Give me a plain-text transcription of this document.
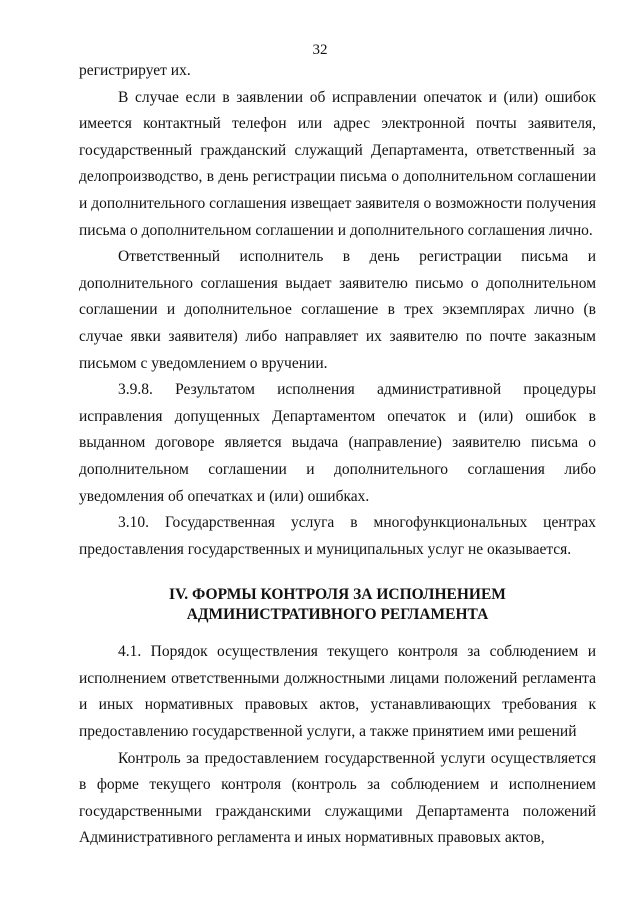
32

регистрирует их.

В случае если в заявлении об исправлении опечаток и (или) ошибок имеется контактный телефон или адрес электронной почты заявителя, государственный гражданский служащий Департамента, ответственный за делопроизводство, в день регистрации письма о дополнительном соглашении и дополнительного соглашения извещает заявителя о возможности получения письма о дополнительном соглашении и дополнительного соглашения лично.

Ответственный исполнитель в день регистрации письма и дополнительного соглашения выдает заявителю письмо о дополнительном соглашении и дополнительное соглашение в трех экземплярах лично (в случае явки заявителя) либо направляет их заявителю по почте заказным письмом с уведомлением о вручении.

3.9.8. Результатом исполнения административной процедуры исправления допущенных Департаментом опечаток и (или) ошибок в выданном договоре является выдача (направление) заявителю письма о дополнительном соглашении и дополнительного соглашения либо уведомления об опечатках и (или) ошибках.

3.10. Государственная услуга в многофункциональных центрах предоставления государственных и муниципальных услуг не оказывается.

IV. ФОРМЫ КОНТРОЛЯ ЗА ИСПОЛНЕНИЕМ
АДМИНИСТРАТИВНОГО РЕГЛАМЕНТА

4.1. Порядок осуществления текущего контроля за соблюдением и исполнением ответственными должностными лицами положений регламента и иных нормативных правовых актов, устанавливающих требования к предоставлению государственной услуги, а также принятием ими решений

Контроль за предоставлением государственной услуги осуществляется в форме текущего контроля (контроль за соблюдением и исполнением государственными гражданскими служащими Департамента положений Административного регламента и иных нормативных правовых актов,
